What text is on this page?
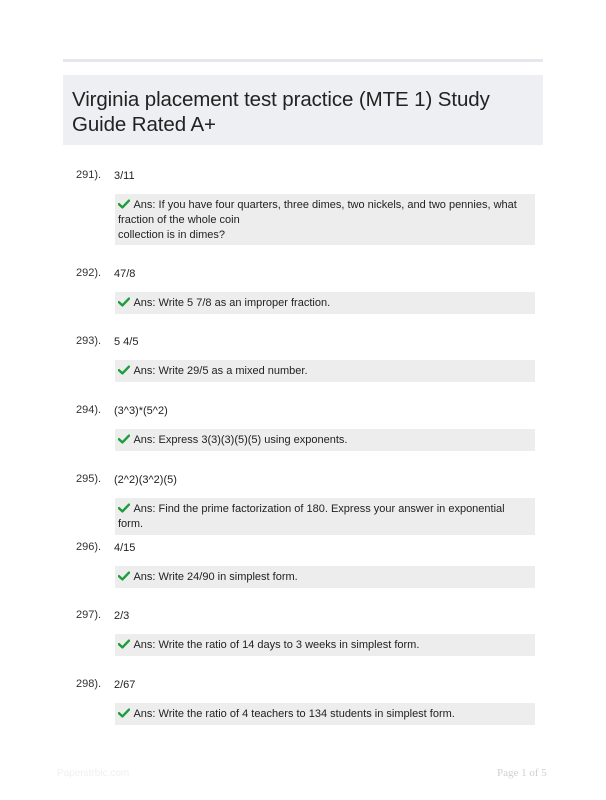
Virginia placement test practice (MTE 1) Study Guide Rated A+
291). 3/11
Ans: If you have four quarters, three dimes, two nickels, and two pennies, what
fraction of the whole coin
collection is in dimes?
292). 47/8
Ans: Write 5 7/8 as an improper fraction.
293). 5 4/5
Ans: Write 29/5 as a mixed number.
294). (3^3)*(5^2)
Ans: Express 3(3)(3)(5)(5) using exponents.
295). (2^2)(3^2)(5)
Ans: Find the prime factorization of 180. Express your answer in exponential form.
296). 4/15
Ans: Write 24/90 in simplest form.
297). 2/3
Ans: Write the ratio of 14 days to 3 weeks in simplest form.
298). 2/67
Ans: Write the ratio of 4 teachers to 134 students in simplest form.
Paperstrbic.com	Page 1 of 5
